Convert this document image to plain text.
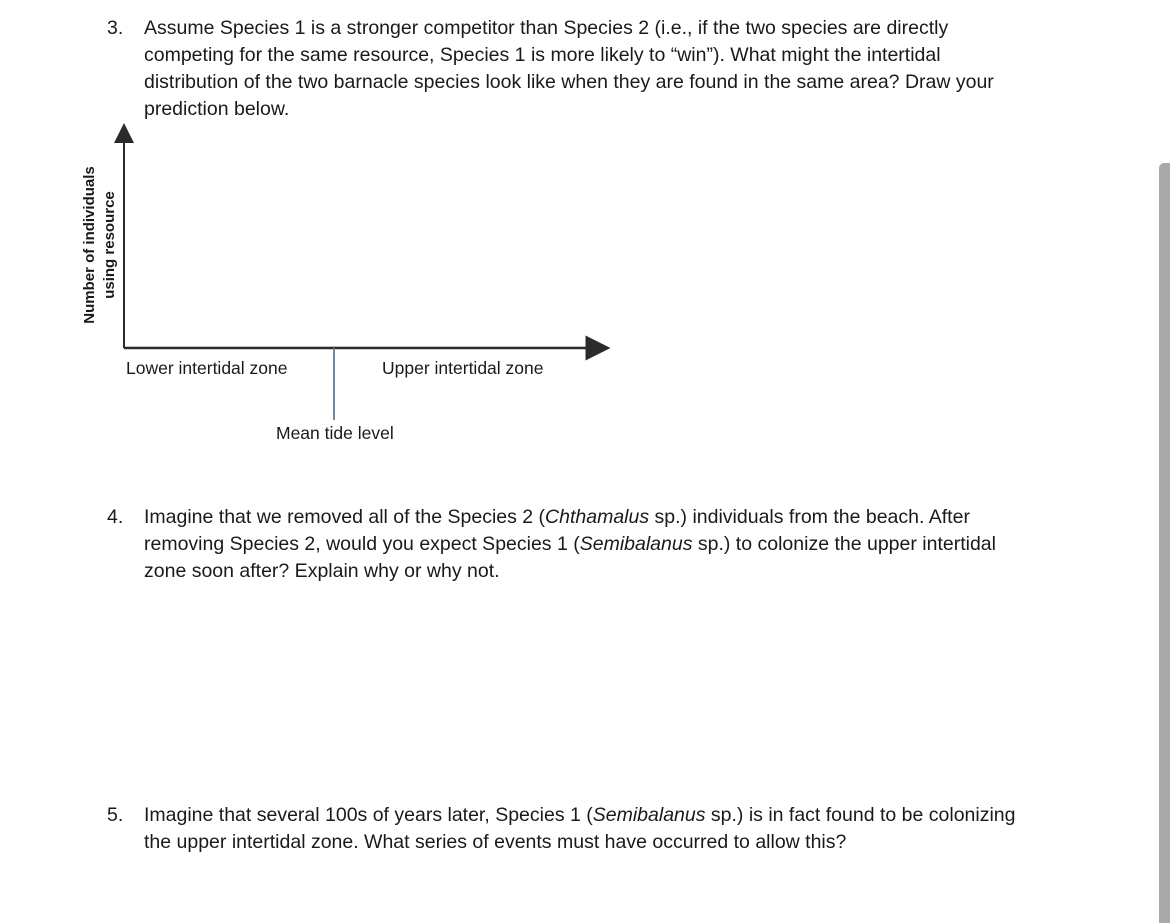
3.	Assume Species 1 is a stronger competitor than Species 2 (i.e., if the two species are directly
competing for the same resource, Species 1 is more likely to “win”). What might the intertidal
distribution of the two barnacle species look like when they are found in the same area? Draw your
prediction below.
Number of individuals using resource
Lower intertidal zone	Upper intertidal zone
Mean tide level
4.	Imagine that we removed all of the Species 2 (Chthamalus sp.) individuals from the beach. After
removing Species 2, would you expect Species 1 (Semibalanus sp.) to colonize the upper intertidal
zone soon after? Explain why or why not.
5.	Imagine that several 100s of years later, Species 1 (Semibalanus sp.) is in fact found to be colonizing
the upper intertidal zone. What series of events must have occurred to allow this?
